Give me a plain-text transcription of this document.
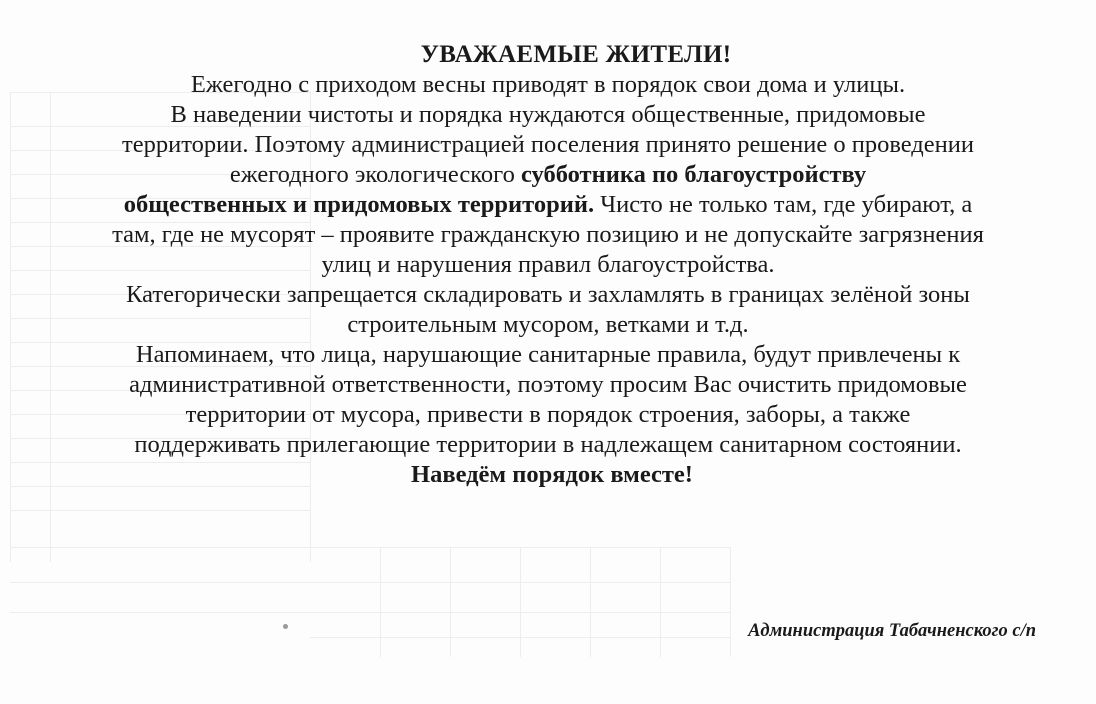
УВАЖАЕМЫЕ ЖИТЕЛИ!
Ежегодно с приходом весны приводят в порядок свои дома и улицы.
В наведении чистоты и порядка нуждаются общественные, придомовые
территории. Поэтому администрацией поселения принято решение о проведении
ежегодного экологического субботника по благоустройству
общественных и придомовых территорий. Чисто не только там, где убирают, а
там, где не мусорят – проявите гражданскую позицию и не допускайте загрязнения
улиц и нарушения правил благоустройства.
Категорически запрещается складировать и захламлять в границах зелёной зоны
строительным мусором, ветками и т.д.
Напоминаем, что лица, нарушающие санитарные правила, будут привлечены к
административной ответственности, поэтому просим Вас очистить придомовые
территории от мусора, привести в порядок строения, заборы, а также
поддерживать прилегающие территории в надлежащем санитарном состоянии.
Наведём порядок вместе!
Администрация Табачненского с/п
